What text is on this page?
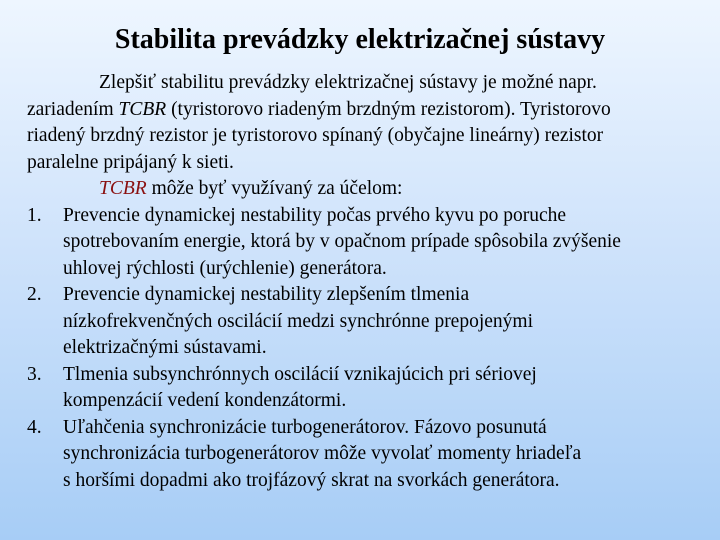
Stabilita prevádzky elektrizačnej sústavy

Zlepšiť stabilitu prevádzky elektrizačnej sústavy je možné napr.
zariadením TCBR (tyristorovo riadeným brzdným rezistorom). Tyristorovo
riadený brzdný rezistor je tyristorovo spínaný (obyčajne lineárny) rezistor
paralelne pripájaný k sieti.

TCBR môže byť využívaný za účelom:

1. Prevencie dynamickej nestability počas prvého kyvu po poruche
spotrebovaním energie, ktorá by v opačnom prípade spôsobila zvýšenie
uhlovej rýchlosti (urýchlenie) generátora.
2. Prevencie dynamickej nestability zlepšením tlmenia
nízkofrekvenčných oscilácií medzi synchrónne prepojenými
elektrizačnými sústavami.
3. Tlmenia subsynchrónnych oscilácií vznikajúcich pri sériovej
kompenzácií vedení kondenzátormi.
4. Uľahčenia synchronizácie turbogenerátorov. Fázovo posunutá
synchronizácia turbogenerátorov môže vyvolať momenty hriadeľa
s horšími dopadmi ako trojfázový skrat na svorkách generátora.
